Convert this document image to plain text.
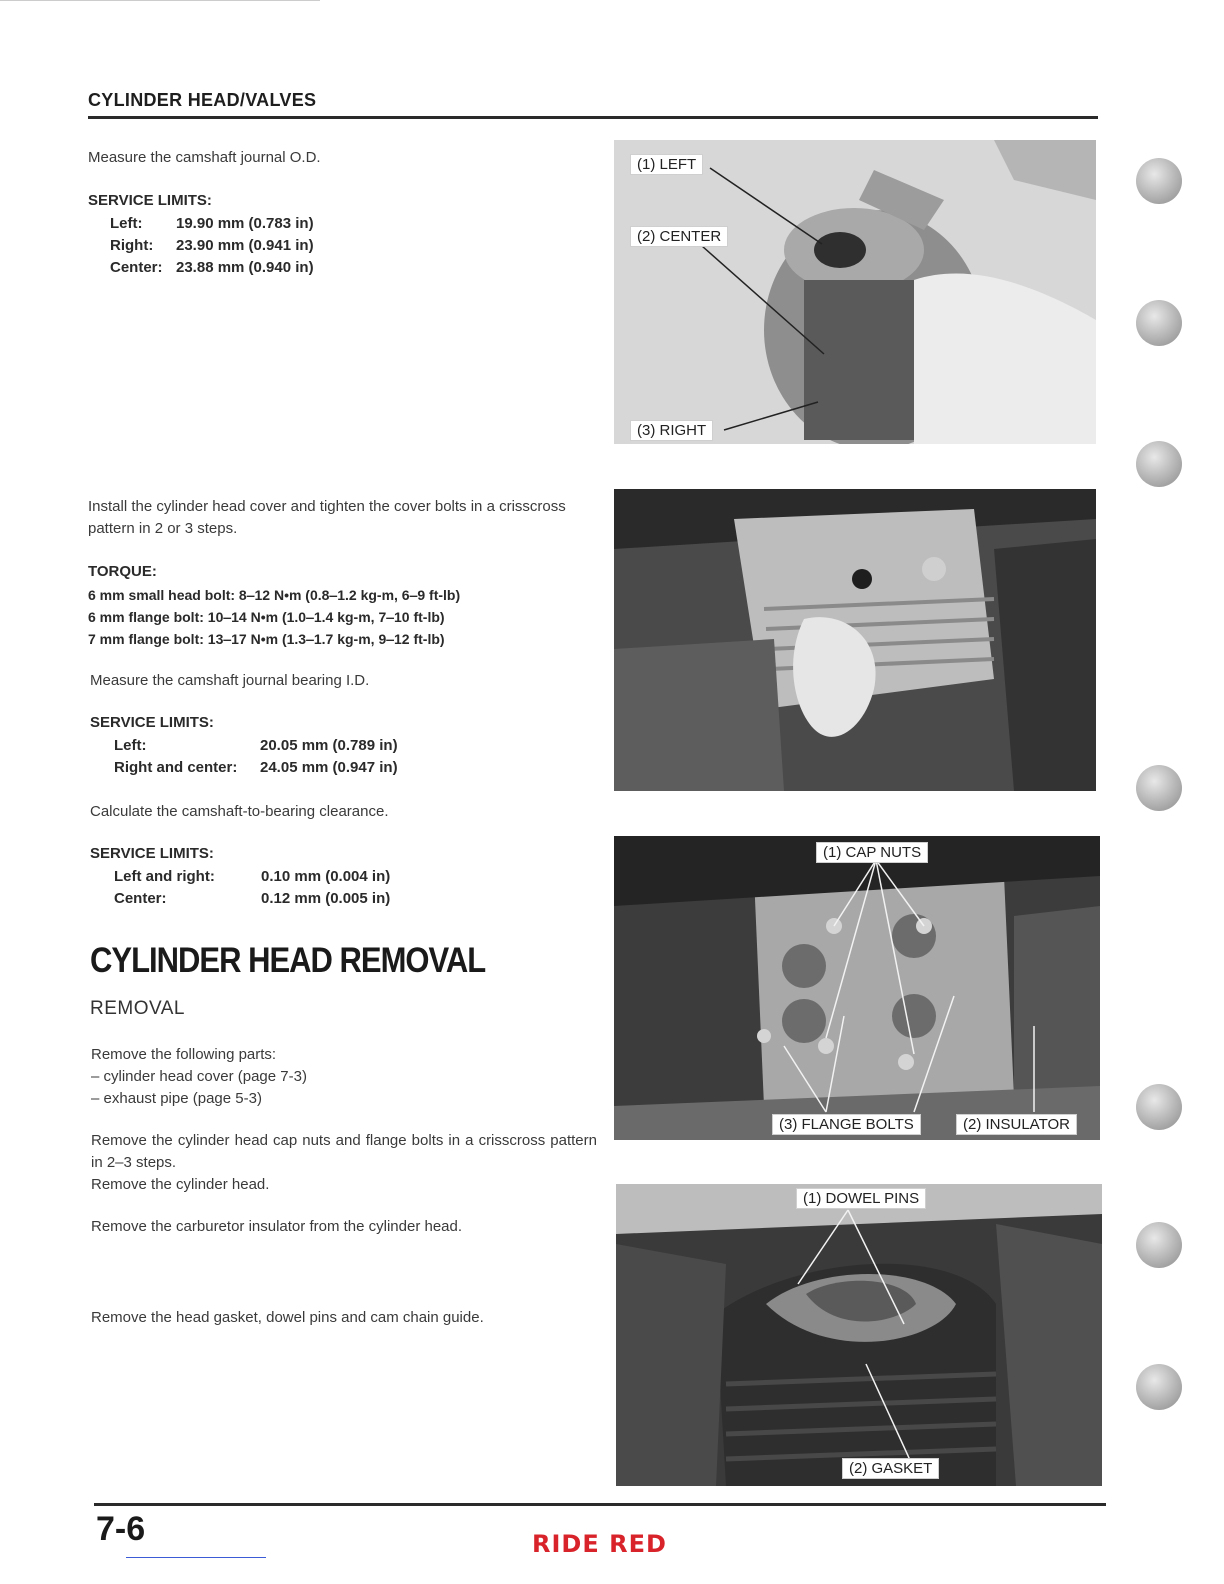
CYLINDER HEAD/VALVES
Measure the camshaft journal O.D.
SERVICE LIMITS:
Left:	19.90 mm (0.783 in)
Right:	23.90 mm (0.941 in)
Center: 23.88 mm (0.940 in)
Install the cylinder head cover and tighten the cover bolts in a crisscross pattern in 2 or 3 steps.
TORQUE:
6 mm small head bolt: 8‒12 N•m (0.8‒1.2 kg-m, 6‒9 ft-lb)
6 mm flange bolt: 10‒14 N•m (1.0‒1.4 kg-m, 7‒10 ft-lb)
7 mm flange bolt: 13‒17 N•m (1.3‒1.7 kg-m, 9‒12 ft-lb)
Measure the camshaft journal bearing I.D.
SERVICE LIMITS:
Left:	20.05 mm (0.789 in)
Right and center:	24.05 mm (0.947 in)
Calculate the camshaft-to-bearing clearance.
SERVICE LIMITS:
Left and right:	0.10 mm (0.004 in)
Center:	0.12 mm (0.005 in)
CYLINDER HEAD REMOVAL
REMOVAL
Remove the following parts:
– cylinder head cover (page 7-3)
– exhaust pipe (page 5-3)
Remove the cylinder head cap nuts and flange bolts in a crisscross pattern in 2‒3 steps.
Remove the cylinder head.
Remove the carburetor insulator from the cylinder head.
Remove the head gasket, dowel pins and cam chain guide.
(1) LEFT
(2) CENTER
(3) RIGHT
(1) CAP NUTS
(3) FLANGE BOLTS	(2) INSULATOR
(1) DOWEL PINS
(2) GASKET
7-6	RIDE RED
